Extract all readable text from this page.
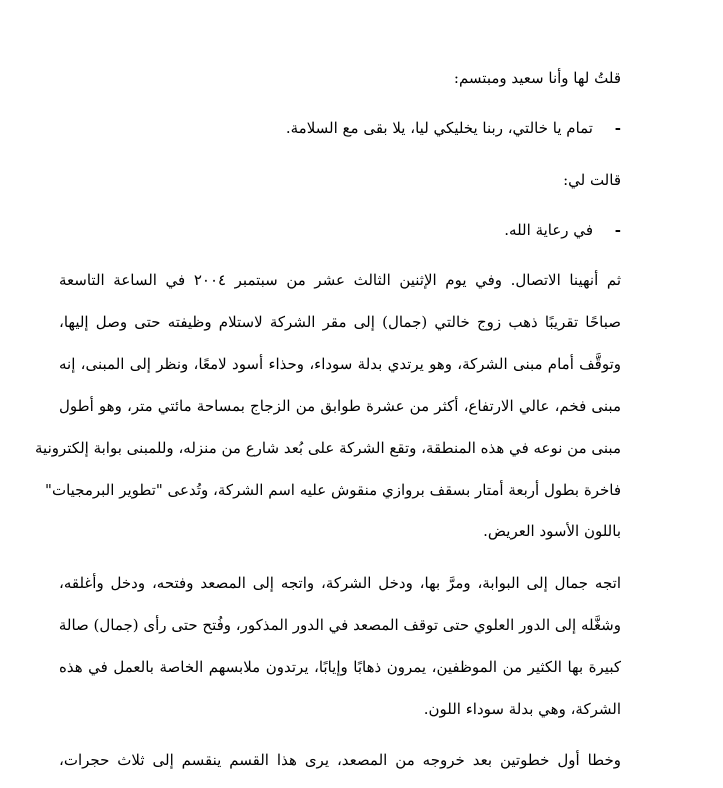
قلتُ لها وأنا سعيد ومبتسم:
-
تمام يا خالتي، ربنا يخليكي ليا، يلا بقى مع السلامة.
قالت لي:
-
في رعاية الله.
ثم أنهينا الاتصال. وفي يوم الإثنين الثالث عشر من سبتمبر ٢٠٠٤ في الساعة التاسعة
صباحًا تقريبًا ذهب زوج خالتي (جمال) إلى مقر الشركة لاستلام وظيفته حتى وصل إليها،
وتوقَّف أمام مبنى الشركة، وهو يرتدي بدلة سوداء، وحذاء أسود لامعًا، ونظر إلى المبنى، إنه
مبنى فخم، عالي الارتفاع، أكثر من عشرة طوابق من الزجاج بمساحة مائتي متر، وهو أطول
مبنى من نوعه في هذه المنطقة، وتقع الشركة على بُعد شارع من منزله، وللمبنى بوابة إلكترونية
فاخرة بطول أربعة أمتار بسقف بروازي منقوش عليه اسم الشركة، وتُدعى "تطوير البرمجيات"
باللون الأسود العريض.
اتجه جمال إلى البوابة، ومرَّ بها، ودخل الشركة، واتجه إلى المصعد وفتحه، ودخل وأغلقه،
وشغَّله إلى الدور العلوي حتى توقف المصعد في الدور المذكور، وفُتح حتى رأى (جمال) صالة
كبيرة بها الكثير من الموظفين، يمرون ذهابًا وإيابًا، يرتدون ملابسهم الخاصة بالعمل في هذه
الشركة، وهي بدلة سوداء اللون.
وخطا أول خطوتين بعد خروجه من المصعد، يرى هذا القسم ينقسم إلى ثلاث حجرات،
